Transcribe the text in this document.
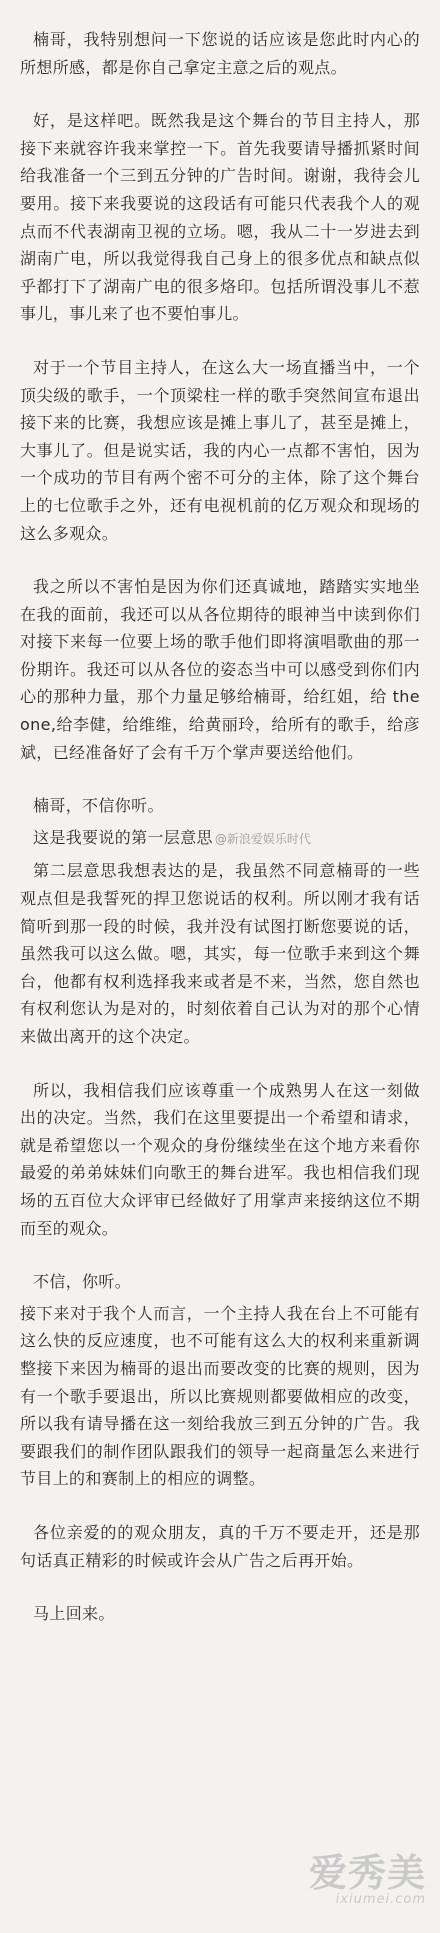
楠哥，我特别想问一下您说的话应该是您此时内心的所想所感，都是你自己拿定主意之后的观点。

好，是这样吧。既然我是这个舞台的节目主持人，那接下来就容许我来掌控一下。首先我要请导播抓紧时间给我准备一个三到五分钟的广告时间。谢谢，我待会儿要用。接下来我要说的这段话有可能只代表我个人的观点而不代表湖南卫视的立场。嗯，我从二十一岁进去到湖南广电，所以我觉得我自己身上的很多优点和缺点似乎都打下了湖南广电的很多烙印。包括所谓没事儿不惹事儿，事儿来了也不要怕事儿。

对于一个节目主持人，在这么大一场直播当中，一个顶尖级的歌手，一个顶梁柱一样的歌手突然间宣布退出接下来的比赛，我想应该是摊上事儿了，甚至是摊上，大事儿了。但是说实话，我的内心一点都不害怕，因为一个成功的节目有两个密不可分的主体，除了这个舞台上的七位歌手之外，还有电视机前的亿万观众和现场的这么多观众。

我之所以不害怕是因为你们还真诚地，踏踏实实地坐在我的面前，我还可以从各位期待的眼神当中读到你们对接下来每一位要上场的歌手他们即将演唱歌曲的那一份期许。我还可以从各位的姿态当中可以感受到你们内心的那种力量，那个力量足够给楠哥，给红姐，给 the one,给李健，给维维，给黄丽玲，给所有的歌手，给彦斌，已经准备好了会有千万个掌声要送给他们。

楠哥，不信你听。

这是我要说的第一层意思 @新浪爱娱乐时代

第二层意思我想表达的是，我虽然不同意楠哥的一些观点但是我誓死的捍卫您说话的权利。所以刚才我有话简听到那一段的时候，我并没有试图打断您要说的话，虽然我可以这么做。嗯，其实，每一位歌手来到这个舞台，他都有权利选择我来或者是不来，当然，您自然也有权利您认为是对的，时刻依着自己认为对的那个心情来做出离开的这个决定。

所以，我相信我们应该尊重一个成熟男人在这一刻做出的决定。当然，我们在这里要提出一个希望和请求，就是希望您以一个观众的身份继续坐在这个地方来看你最爱的弟弟妹妹们向歌王的舞台进军。我也相信我们现场的五百位大众评审已经做好了用掌声来接纳这位不期而至的观众。

不信，你听。

接下来对于我个人而言，一个主持人我在台上不可能有这么快的反应速度，也不可能有这么大的权利来重新调整接下来因为楠哥的退出而要改变的比赛的规则，因为有一个歌手要退出，所以比赛规则都要做相应的改变，所以我有请导播在这一刻给我放三到五分钟的广告。我要跟我们的制作团队跟我们的领导一起商量怎么来进行节目上的和赛制上的相应的调整。

各位亲爱的的观众朋友，真的千万不要走开，还是那句话真正精彩的时候或许会从广告之后再开始。

马上回来。

爱秀美
ixiumei.com
